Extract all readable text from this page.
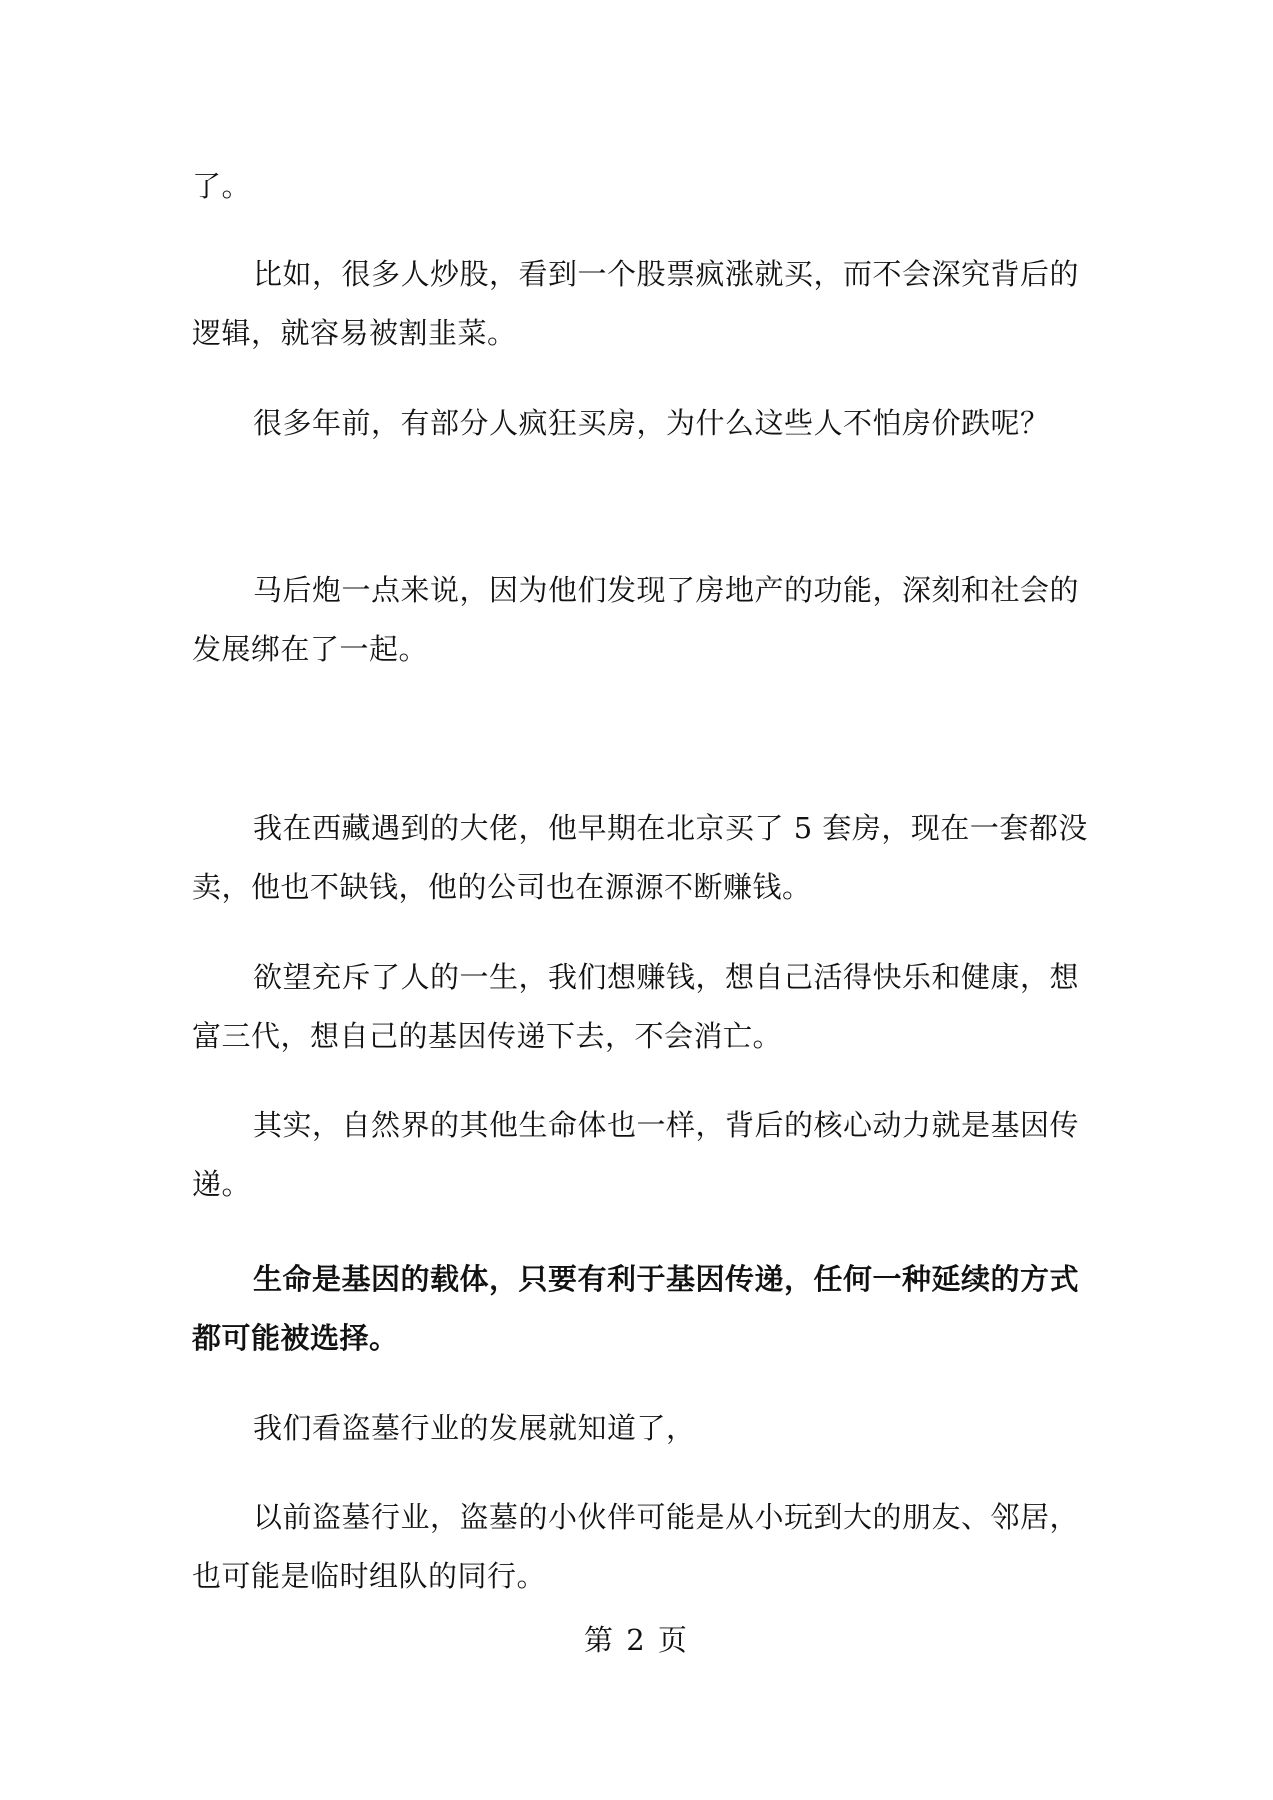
了。
比如，很多人炒股，看到一个股票疯涨就买，而不会深究背后的
逻辑，就容易被割韭菜。
很多年前，有部分人疯狂买房，为什么这些人不怕房价跌呢？
马后炮一点来说，因为他们发现了房地产的功能，深刻和社会的
发展绑在了一起。
我在西藏遇到的大佬，他早期在北京买了 5 套房，现在一套都没
卖，他也不缺钱，他的公司也在源源不断赚钱。
欲望充斥了人的一生，我们想赚钱，想自己活得快乐和健康，想
富三代，想自己的基因传递下去，不会消亡。
其实，自然界的其他生命体也一样，背后的核心动力就是基因传
递。
生命是基因的载体，只要有利于基因传递，任何一种延续的方式
都可能被选择。
我们看盗墓行业的发展就知道了，
以前盗墓行业，盗墓的小伙伴可能是从小玩到大的朋友、邻居，
也可能是临时组队的同行。
第 2 页
